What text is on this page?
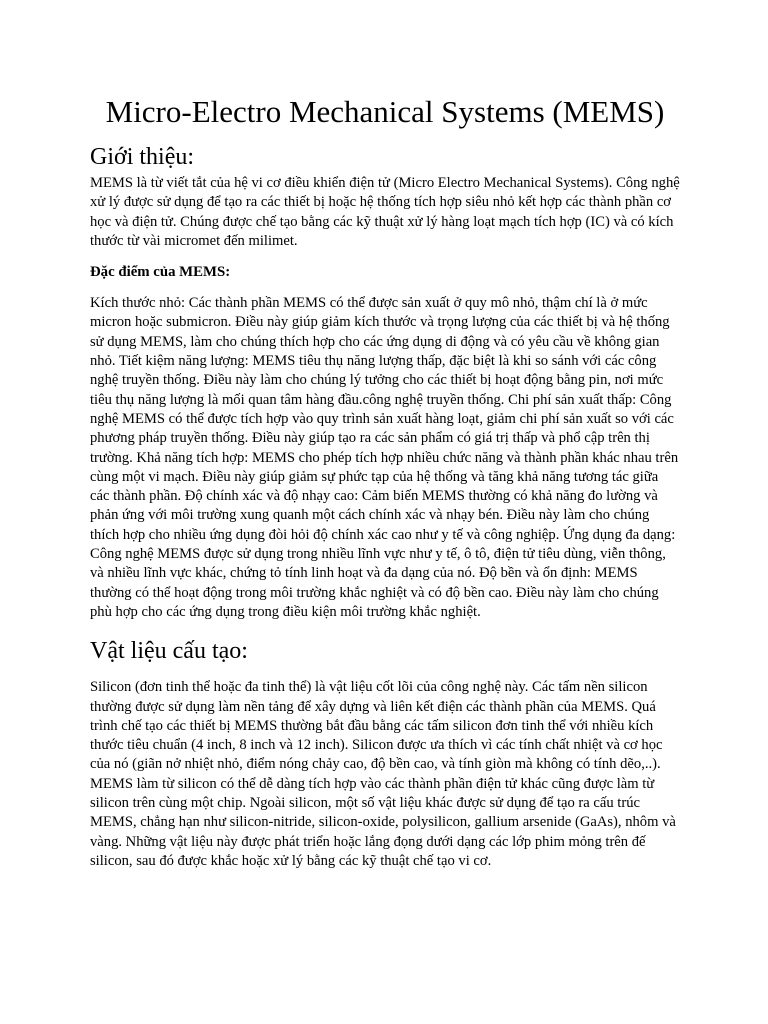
Micro-Electro Mechanical Systems (MEMS)
Giới thiệu:

MEMS là từ viết tắt của hệ vi cơ điều khiển điện tử (Micro Electro Mechanical Systems). Công nghệ xử lý được sử dụng để tạo ra các thiết bị hoặc hệ thống tích hợp siêu nhỏ kết hợp các thành phần cơ học và điện tử. Chúng được chế tạo bằng các kỹ thuật xử lý hàng loạt mạch tích hợp (IC) và có kích thước từ vài micromet đến milimet.

Đặc điểm của MEMS:

Kích thước nhỏ: Các thành phần MEMS có thể được sản xuất ở quy mô nhỏ, thậm chí là ở mức micron hoặc submicron. Điều này giúp giảm kích thước và trọng lượng của các thiết bị và hệ thống sử dụng MEMS, làm cho chúng thích hợp cho các ứng dụng di động và có yêu cầu về không gian nhỏ. Tiết kiệm năng lượng: MEMS tiêu thụ năng lượng thấp, đặc biệt là khi so sánh với các công nghệ truyền thống. Điều này làm cho chúng lý tưởng cho các thiết bị hoạt động bằng pin, nơi mức tiêu thụ năng lượng là mối quan tâm hàng đầu.công nghệ truyền thống. Chi phí sản xuất thấp: Công nghệ MEMS có thể được tích hợp vào quy trình sản xuất hàng loạt, giảm chi phí sản xuất so với các phương pháp truyền thống. Điều này giúp tạo ra các sản phẩm có giá trị thấp và phổ cập trên thị trường. Khả năng tích hợp: MEMS cho phép tích hợp nhiều chức năng và thành phần khác nhau trên cùng một vi mạch. Điều này giúp giảm sự phức tạp của hệ thống và tăng khả năng tương tác giữa các thành phần. Độ chính xác và độ nhạy cao: Cảm biến MEMS thường có khả năng đo lường và phản ứng với môi trường xung quanh một cách chính xác và nhạy bén. Điều này làm cho chúng thích hợp cho nhiều ứng dụng đòi hỏi độ chính xác cao như y tế và công nghiệp. Ứng dụng đa dạng: Công nghệ MEMS được sử dụng trong nhiều lĩnh vực như y tế, ô tô, điện tử tiêu dùng, viễn thông, và nhiều lĩnh vực khác, chứng tỏ tính linh hoạt và đa dạng của nó. Độ bền và ổn định: MEMS thường có thể hoạt động trong môi trường khắc nghiệt và có độ bền cao. Điều này làm cho chúng phù hợp cho các ứng dụng trong điều kiện môi trường khắc nghiệt.

Vật liệu cấu tạo:

Silicon (đơn tinh thể hoặc đa tinh thể) là vật liệu cốt lõi của công nghệ này. Các tấm nền silicon thường được sử dụng làm nền tảng để xây dựng và liên kết điện các thành phần của MEMS. Quá trình chế tạo các thiết bị MEMS thường bắt đầu bằng các tấm silicon đơn tinh thể với nhiều kích thước tiêu chuẩn (4 inch, 8 inch và 12 inch). Silicon được ưa thích vì các tính chất nhiệt và cơ học của nó (giãn nở nhiệt nhỏ, điểm nóng chảy cao, độ bền cao, và tính giòn mà không có tính dẽo,..). MEMS làm từ silicon có thể dễ dàng tích hợp vào các thành phần điện tử khác cũng được làm từ silicon trên cùng một chip. Ngoài silicon, một số vật liệu khác được sử dụng để tạo ra cấu trúc MEMS, chẳng hạn như silicon-nitride, silicon-oxide, polysilicon, gallium arsenide (GaAs), nhôm và vàng. Những vật liệu này được phát triển hoặc lắng đọng dưới dạng các lớp phim mỏng trên đế silicon, sau đó được khắc hoặc xử lý bằng các kỹ thuật chế tạo vi cơ.
